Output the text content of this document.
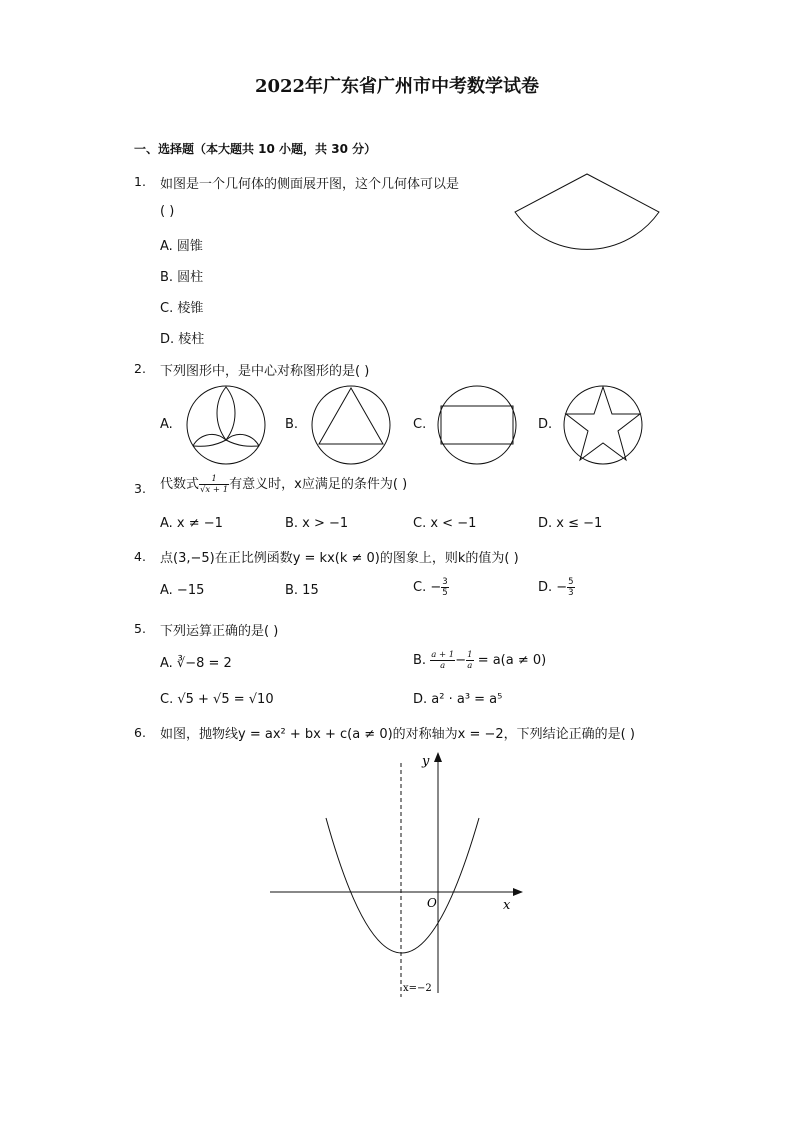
2022年广东省广州市中考数学试卷
一、选择题（本大题共 10 小题，共 30 分）
1. 如图是一个几何体的侧面展开图，这个几何体可以是
( )
A. 圆锥
B. 圆柱
C. 棱锥
D. 棱柱
2. 下列图形中，是中心对称图形的是( )
A.	B.	C.	D.
3. 代数式 $\frac{1}{√x + 1}$ 有意义时，x应满足的条件为( )
A. x ≠ −1	B. x > −1	C. x < −1	D. x ≤ −1
4. 点(3,−5)在正比例函数y = kx(k ≠ 0)的图象上，则k的值为( )
A. −15	B. 15	C. − $\frac{3}{5}$	D. − $\frac{5}{3}$
5. 下列运算正确的是( )
A. ∛−8 = 2	B. $\frac{a + 1}{a} - \frac{1}{a} = a(a \ne 0)$
C. √5 + √5 = √10	D. a² · a³ = a⁵
6. 如图，抛物线y = ax² + bx + c(a ≠ 0)的对称轴为x = −2，下列结论正确的是( )
y
x
O
x=−2
